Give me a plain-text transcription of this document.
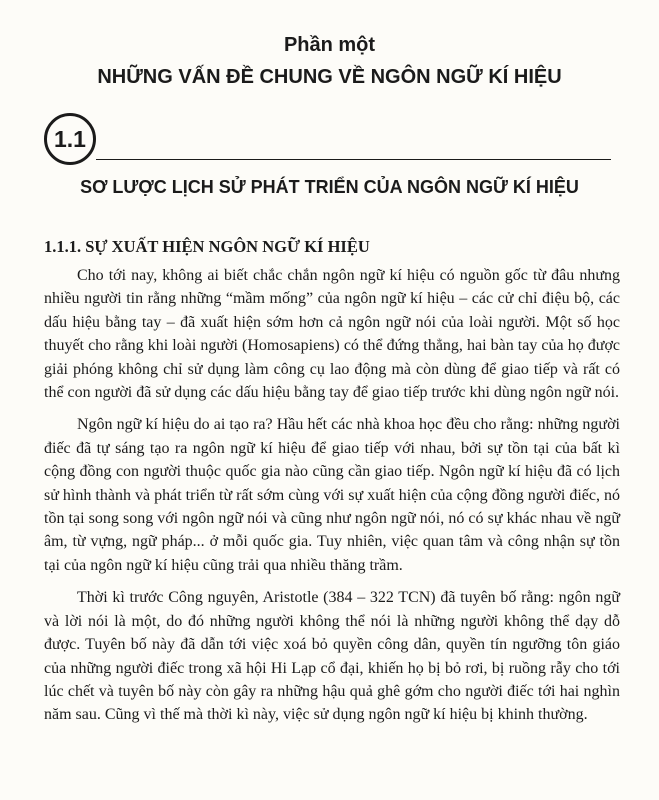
Phần một
NHỮNG VẤN ĐỀ CHUNG VỀ NGÔN NGỮ KÍ HIỆU
1.1
SƠ LƯỢC LỊCH SỬ PHÁT TRIỂN CỦA NGÔN NGỮ KÍ HIỆU
1.1.1. SỰ XUẤT HIỆN NGÔN NGỮ KÍ HIỆU

Cho tới nay, không ai biết chắc chắn ngôn ngữ kí hiệu có nguồn gốc từ đâu nhưng nhiều người tin rằng những “mầm mống” của ngôn ngữ kí hiệu – các cử chỉ điệu bộ, các dấu hiệu bằng tay – đã xuất hiện sớm hơn cả ngôn ngữ nói của loài người. Một số học thuyết cho rằng khi loài người (Homosapiens) có thể đứng thẳng, hai bàn tay của họ được giải phóng không chỉ sử dụng làm công cụ lao động mà còn dùng để giao tiếp và rất có thể con người đã sử dụng các dấu hiệu bằng tay để giao tiếp trước khi dùng ngôn ngữ nói.

Ngôn ngữ kí hiệu do ai tạo ra? Hầu hết các nhà khoa học đều cho rằng: những người điếc đã tự sáng tạo ra ngôn ngữ kí hiệu để giao tiếp với nhau, bởi sự tồn tại của bất kì cộng đồng con người thuộc quốc gia nào cũng cần giao tiếp. Ngôn ngữ kí hiệu đã có lịch sử hình thành và phát triển từ rất sớm cùng với sự xuất hiện của cộng đồng người điếc, nó tồn tại song song với ngôn ngữ nói và cũng như ngôn ngữ nói, nó có sự khác nhau về ngữ âm, từ vựng, ngữ pháp... ở mỗi quốc gia. Tuy nhiên, việc quan tâm và công nhận sự tồn tại của ngôn ngữ kí hiệu cũng trải qua nhiều thăng trầm.

Thời kì trước Công nguyên, Aristotle (384 – 322 TCN) đã tuyên bố rằng: ngôn ngữ và lời nói là một, do đó những người không thể nói là những người không thể dạy dỗ được. Tuyên bố này đã dẫn tới việc xoá bỏ quyền công dân, quyền tín ngưỡng tôn giáo của những người điếc trong xã hội Hi Lạp cổ đại, khiến họ bị bỏ rơi, bị ruồng rẫy cho tới lúc chết và tuyên bố này còn gây ra những hậu quả ghê gớm cho người điếc tới hai nghìn năm sau. Cũng vì thế mà thời kì này, việc sử dụng ngôn ngữ kí hiệu bị khinh thường.
